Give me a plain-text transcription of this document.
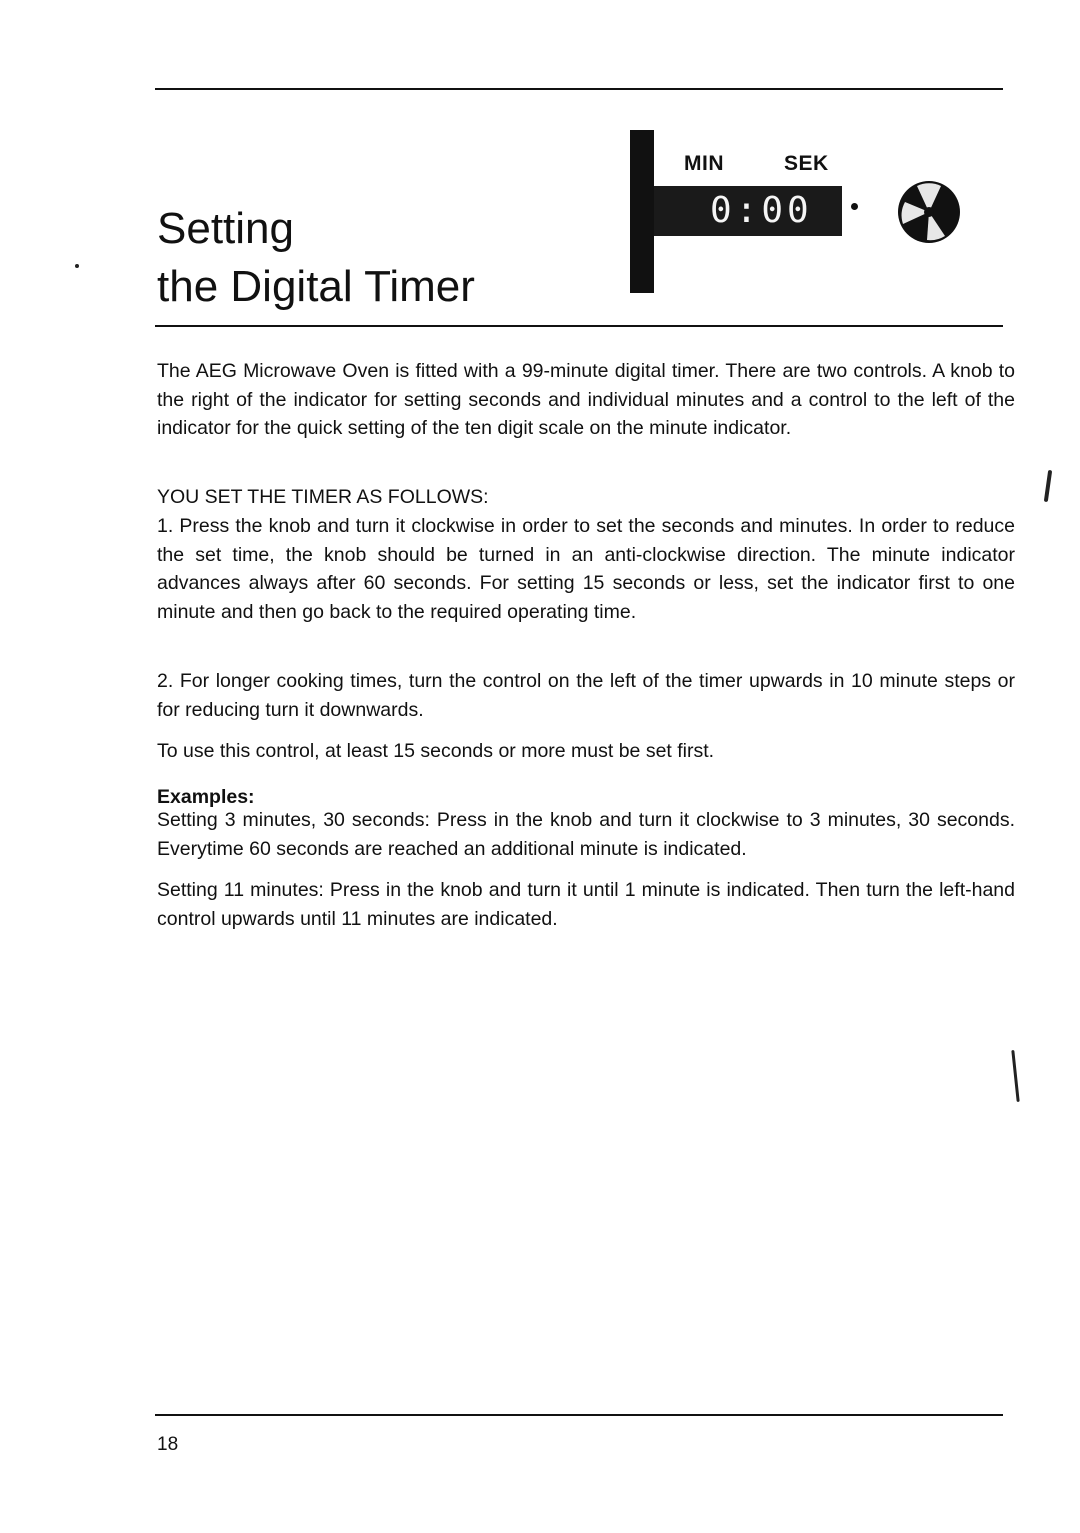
Setting
the Digital Timer
MIN	SEK
0:00

The AEG Microwave Oven is fitted with a 99-minute digital timer. There are two controls. A knob to the right of the indicator for setting seconds and individual minutes and a control to the left of the indicator for the quick setting of the ten digit scale on the minute indicator.

YOU SET THE TIMER AS FOLLOWS:

1. Press the knob and turn it clockwise in order to set the seconds and minutes. In order to reduce the set time, the knob should be turned in an anti-clockwise direction. The minute indicator advances always after 60 seconds. For setting 15 seconds or less, set the indicator first to one minute and then go back to the required operating time.

2. For longer cooking times, turn the control on the left of the timer upwards in 10 minute steps or for reducing turn it downwards.

To use this control, at least 15 seconds or more must be set first.

Examples:

Setting 3 minutes, 30 seconds: Press in the knob and turn it clockwise to 3 minutes, 30 seconds. Everytime 60 seconds are reached an additional minute is indicated.

Setting 11 minutes: Press in the knob and turn it until 1 minute is indicated. Then turn the left-hand control upwards until 11 minutes are indicated.

18
